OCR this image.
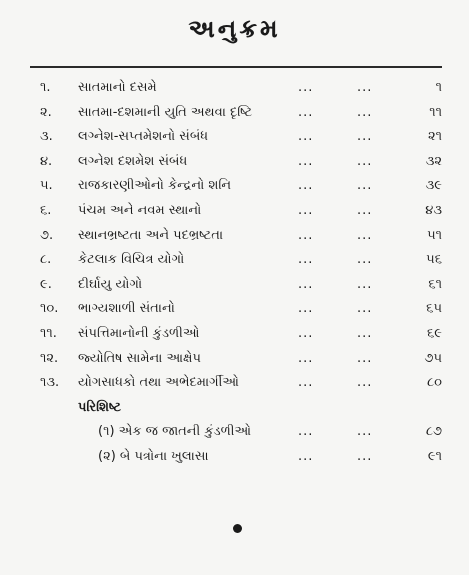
અનુક્રમ
૧. સાતમાનો દસમે	...	...	૧
૨. સાતમા-દશમાની યુતિ અથવા દૃષ્ટિ	...	...	૧૧
૩. લગ્નેશ-સપ્તમેશનો સંબંધ	...	...	૨૧
૪. લગ્નેશ દશમેશ સંબંધ	...	...	૩૨
૫. રાજકારણીઓનો કેન્દ્રનો શનિ	...	...	૩૯
૬. પંચમ અને નવમ સ્થાનો	...	...	૪૩
૭. સ્થાનભ્રષ્ટતા અને પદભ્રષ્ટતા	...	...	૫૧
૮. કેટલાક વિચિત્ર યોગો	...	...	૫૬
૯. દીર્ઘાયુ યોગો	...	...	૬૧
૧૦. ભાગ્યશાળી સંતાનો	...	...	૬૫
૧૧. સંપત્તિમાનોની કુંડળીઓ	...	...	૬૯
૧૨. જ્યોતિષ સામેના આક્ષેપ	...	...	૭૫
૧૩. યોગસાધકો તથા અભેદમાર્ગીઓ	...	...	૮૦
પરિશિષ્ટ
(૧) એક જ જાતની કુંડળીઓ	...	...	૮૭
(૨) બે પત્રોના ખુલાસા	...	...	૯૧
